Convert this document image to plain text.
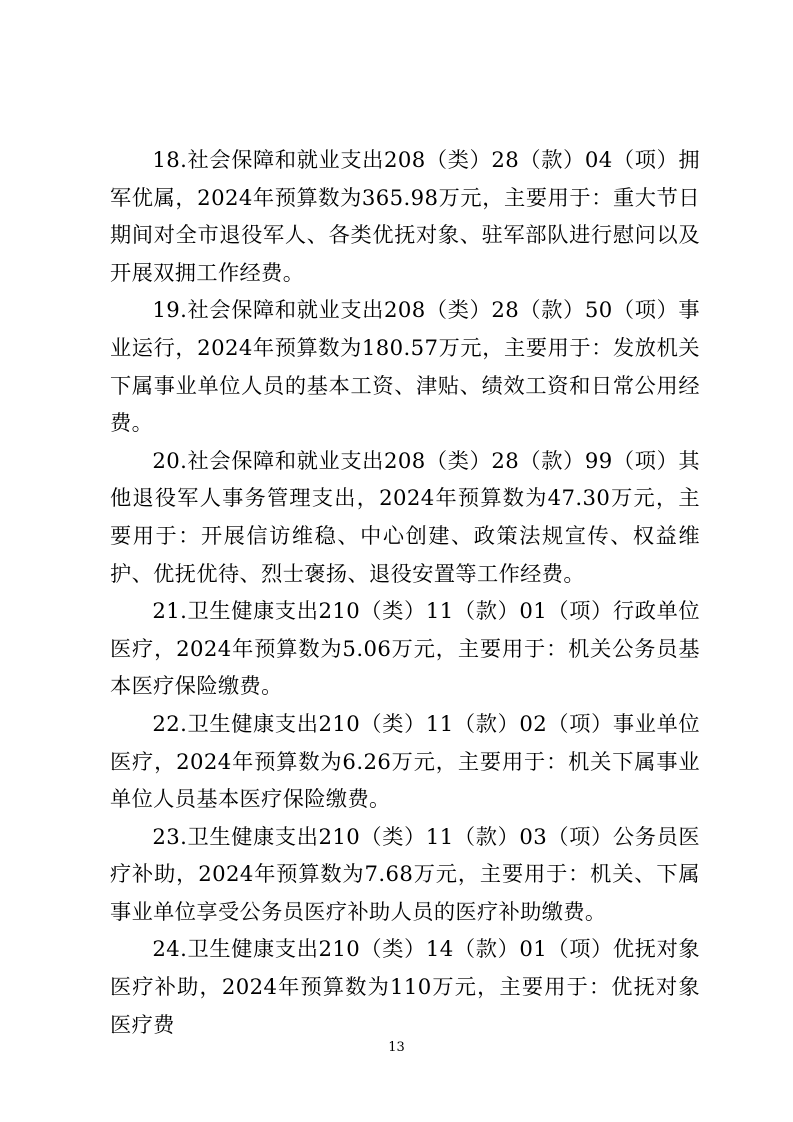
18.社会保障和就业支出208（类）28（款）04（项）拥军优属，2024年预算数为365.98万元，主要用于：重大节日期间对全市退役军人、各类优抚对象、驻军部队进行慰问以及开展双拥工作经费。

19.社会保障和就业支出208（类）28（款）50（项）事业运行，2024年预算数为180.57万元，主要用于：发放机关下属事业单位人员的基本工资、津贴、绩效工资和日常公用经费。

20.社会保障和就业支出208（类）28（款）99（项）其他退役军人事务管理支出，2024年预算数为47.30万元，主要用于：开展信访维稳、中心创建、政策法规宣传、权益维护、优抚优待、烈士褒扬、退役安置等工作经费。

21.卫生健康支出210（类）11（款）01（项）行政单位医疗，2024年预算数为5.06万元，主要用于：机关公务员基本医疗保险缴费。

22.卫生健康支出210（类）11（款）02（项）事业单位医疗，2024年预算数为6.26万元，主要用于：机关下属事业单位人员基本医疗保险缴费。

23.卫生健康支出210（类）11（款）03（项）公务员医疗补助，2024年预算数为7.68万元，主要用于：机关、下属事业单位享受公务员医疗补助人员的医疗补助缴费。

24.卫生健康支出210（类）14（款）01（项）优抚对象医疗补助，2024年预算数为110万元，主要用于：优抚对象医疗费

13
